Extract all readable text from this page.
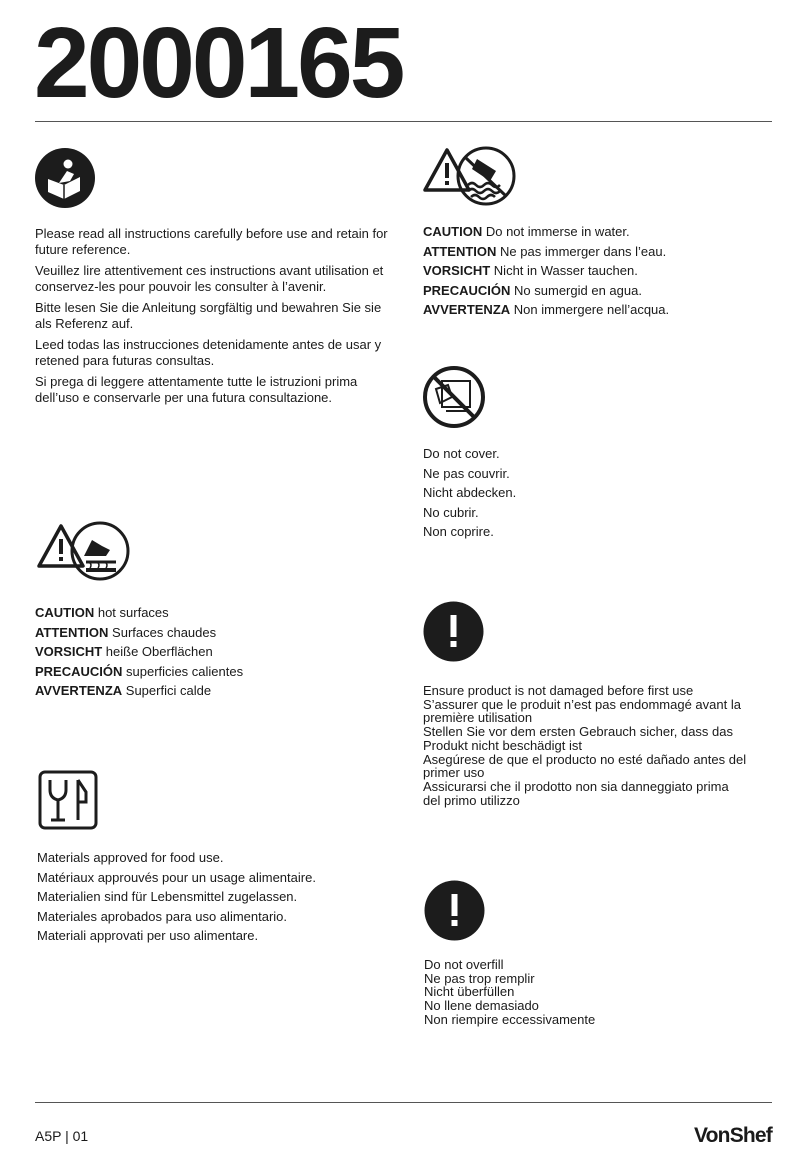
2000165

Please read all instructions carefully before use and retain for future reference.

Veuillez lire attentivement ces instructions avant utilisation et conservez-les pour pouvoir les consulter à l’avenir.

Bitte lesen Sie die Anleitung sorgfältig und bewahren Sie sie als Referenz auf.

Leed todas las instrucciones detenidamente antes de usar y retened para futuras consultas.

Si prega di leggere attentamente tutte le istruzioni prima dell’uso e conservarle per una futura consultazione.

CAUTION Do not immerse in water.

ATTENTION Ne pas immerger dans l’eau.

VORSICHT Nicht in Wasser tauchen.

PRECAUCIÓN No sumergid en agua.

AVVERTENZA Non immergere nell’acqua.

Do not cover.

Ne pas couvrir.

Nicht abdecken.

No cubrir.

Non coprire.

CAUTION hot surfaces

ATTENTION Surfaces chaudes

VORSICHT heiße Oberflächen

PRECAUCIÓN superficies calientes

AVVERTENZA Superfici calde	Ensure product is not damaged before first use

S’assurer que le produit n’est pas endommagé avant la

première utilisation

Stellen Sie vor dem ersten Gebrauch sicher, dass das

Produkt nicht beschädigt ist

Asegúrese de que el producto no esté dañado antes del

primer uso

Assicurarsi che il prodotto non sia danneggiato prima

del primo utilizzo

Materials approved for food use.

Matériaux approuvés pour un usage alimentaire.

Materialien sind für Lebensmittel zugelassen.

Materiales aprobados para uso alimentario.

Materiali approvati per uso alimentare.

Do not overfill

Ne pas trop remplir

Nicht überfüllen

No llene demasiado

Non riempire eccessivamente

A5P | 01	VonShef
